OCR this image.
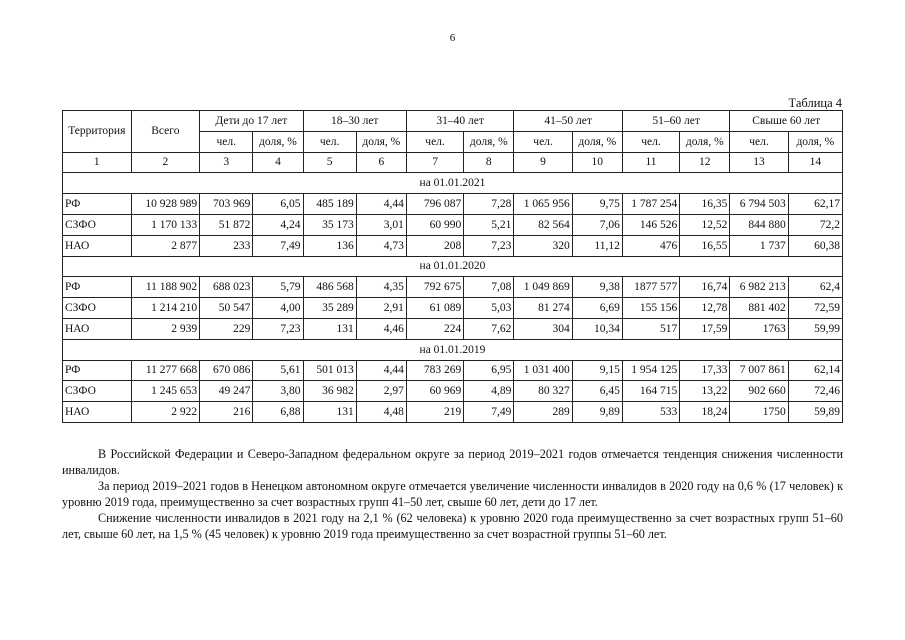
6
Таблица 4
Территория	Всего	Дети до 17 лет		18–30 лет		31–40 лет		41–50 лет		51–60 лет		Свыше 60 лет	
		чел.	доля, %	чел.	доля, %	чел.	доля, %	чел.	доля, %	чел.	доля, %	чел.	доля, %
1	2	3	4	5	6	7	8	9	10	11	12	13	14
на 01.01.2021													
РФ	10 928 989	703 969	6,05	485 189	4,44	796 087	7,28	1 065 956	9,75	1 787 254	16,35	6 794 503	62,17
СЗФО	1 170 133	51 872	4,24	35 173	3,01	60 990	5,21	82 564	7,06	146 526	12,52	844 880	72,2
НАО	2 877	233	7,49	136	4,73	208	7,23	320	11,12	476	16,55	1 737	60,38
на 01.01.2020													
РФ	11 188 902	688 023	5,79	486 568	4,35	792 675	7,08	1 049 869	9,38	1877 577	16,74	6 982 213	62,4
СЗФО	1 214 210	50 547	4,00	35 289	2,91	61 089	5,03	81 274	6,69	155 156	12,78	881 402	72,59
НАО	2 939	229	7,23	131	4,46	224	7,62	304	10,34	517	17,59	1763	59,99
на 01.01.2019													
РФ	11 277 668	670 086	5,61	501 013	4,44	783 269	6,95	1 031 400	9,15	1 954 125	17,33	7 007 861	62,14
СЗФО	1 245 653	49 247	3,80	36 982	2,97	60 969	4,89	80 327	6,45	164 715	13,22	902 660	72,46
НАО	2 922	216	6,88	131	4,48	219	7,49	289	9,89	533	18,24	1750	59,89
В Российской Федерации и Северо-Западном федеральном округе за период 2019–2021 годов отмечается тенденция снижения численности инвалидов.
За период 2019–2021 годов в Ненецком автономном округе отмечается увеличение численности инвалидов в 2020 году на 0,6 % (17 человек) к уровню 2019 года, преимущественно за счет возрастных групп 41–50 лет, свыше 60 лет, дети до 17 лет.
Снижение численности инвалидов в 2021 году на 2,1 % (62 человека) к уровню 2020 года преимущественно за счет возрастных групп 51–60 лет, свыше 60 лет, на 1,5 % (45 человек) к уровню 2019 года преимущественно за счет возрастной группы 51–60 лет.
